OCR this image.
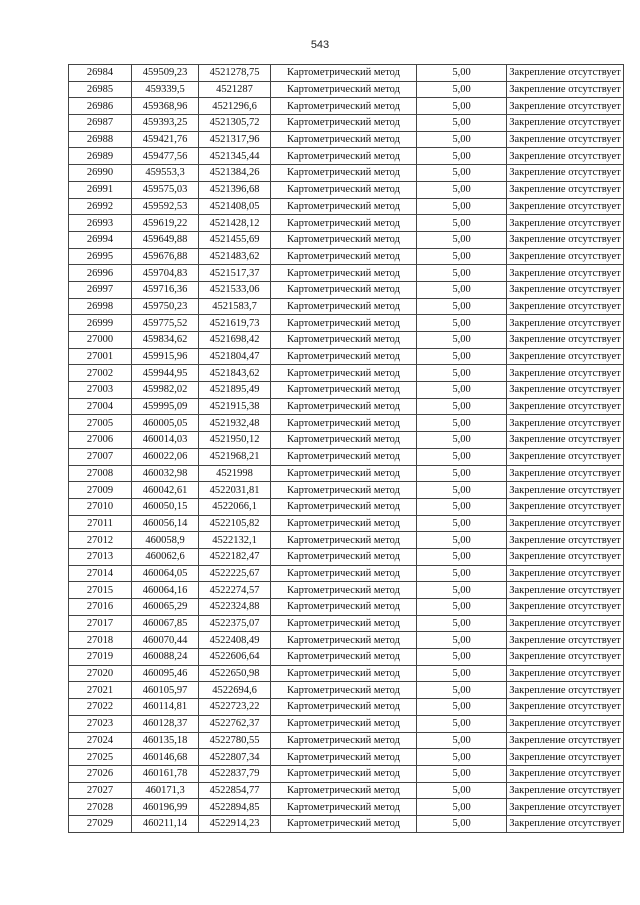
543
26984	459509,23	4521278,75	Картометрический метод	5,00	Закрепление отсутствует
26985	459339,5	4521287	Картометрический метод	5,00	Закрепление отсутствует
26986	459368,96	4521296,6	Картометрический метод	5,00	Закрепление отсутствует
26987	459393,25	4521305,72	Картометрический метод	5,00	Закрепление отсутствует
26988	459421,76	4521317,96	Картометрический метод	5,00	Закрепление отсутствует
26989	459477,56	4521345,44	Картометрический метод	5,00	Закрепление отсутствует
26990	459553,3	4521384,26	Картометрический метод	5,00	Закрепление отсутствует
26991	459575,03	4521396,68	Картометрический метод	5,00	Закрепление отсутствует
26992	459592,53	4521408,05	Картометрический метод	5,00	Закрепление отсутствует
26993	459619,22	4521428,12	Картометрический метод	5,00	Закрепление отсутствует
26994	459649,88	4521455,69	Картометрический метод	5,00	Закрепление отсутствует
26995	459676,88	4521483,62	Картометрический метод	5,00	Закрепление отсутствует
26996	459704,83	4521517,37	Картометрический метод	5,00	Закрепление отсутствует
26997	459716,36	4521533,06	Картометрический метод	5,00	Закрепление отсутствует
26998	459750,23	4521583,7	Картометрический метод	5,00	Закрепление отсутствует
26999	459775,52	4521619,73	Картометрический метод	5,00	Закрепление отсутствует
27000	459834,62	4521698,42	Картометрический метод	5,00	Закрепление отсутствует
27001	459915,96	4521804,47	Картометрический метод	5,00	Закрепление отсутствует
27002	459944,95	4521843,62	Картометрический метод	5,00	Закрепление отсутствует
27003	459982,02	4521895,49	Картометрический метод	5,00	Закрепление отсутствует
27004	459995,09	4521915,38	Картометрический метод	5,00	Закрепление отсутствует
27005	460005,05	4521932,48	Картометрический метод	5,00	Закрепление отсутствует
27006	460014,03	4521950,12	Картометрический метод	5,00	Закрепление отсутствует
27007	460022,06	4521968,21	Картометрический метод	5,00	Закрепление отсутствует
27008	460032,98	4521998	Картометрический метод	5,00	Закрепление отсутствует
27009	460042,61	4522031,81	Картометрический метод	5,00	Закрепление отсутствует
27010	460050,15	4522066,1	Картометрический метод	5,00	Закрепление отсутствует
27011	460056,14	4522105,82	Картометрический метод	5,00	Закрепление отсутствует
27012	460058,9	4522132,1	Картометрический метод	5,00	Закрепление отсутствует
27013	460062,6	4522182,47	Картометрический метод	5,00	Закрепление отсутствует
27014	460064,05	4522225,67	Картометрический метод	5,00	Закрепление отсутствует
27015	460064,16	4522274,57	Картометрический метод	5,00	Закрепление отсутствует
27016	460065,29	4522324,88	Картометрический метод	5,00	Закрепление отсутствует
27017	460067,85	4522375,07	Картометрический метод	5,00	Закрепление отсутствует
27018	460070,44	4522408,49	Картометрический метод	5,00	Закрепление отсутствует
27019	460088,24	4522606,64	Картометрический метод	5,00	Закрепление отсутствует
27020	460095,46	4522650,98	Картометрический метод	5,00	Закрепление отсутствует
27021	460105,97	4522694,6	Картометрический метод	5,00	Закрепление отсутствует
27022	460114,81	4522723,22	Картометрический метод	5,00	Закрепление отсутствует
27023	460128,37	4522762,37	Картометрический метод	5,00	Закрепление отсутствует
27024	460135,18	4522780,55	Картометрический метод	5,00	Закрепление отсутствует
27025	460146,68	4522807,34	Картометрический метод	5,00	Закрепление отсутствует
27026	460161,78	4522837,79	Картометрический метод	5,00	Закрепление отсутствует
27027	460171,3	4522854,77	Картометрический метод	5,00	Закрепление отсутствует
27028	460196,99	4522894,85	Картометрический метод	5,00	Закрепление отсутствует
27029	460211,14	4522914,23	Картометрический метод	5,00	Закрепление отсутствует
